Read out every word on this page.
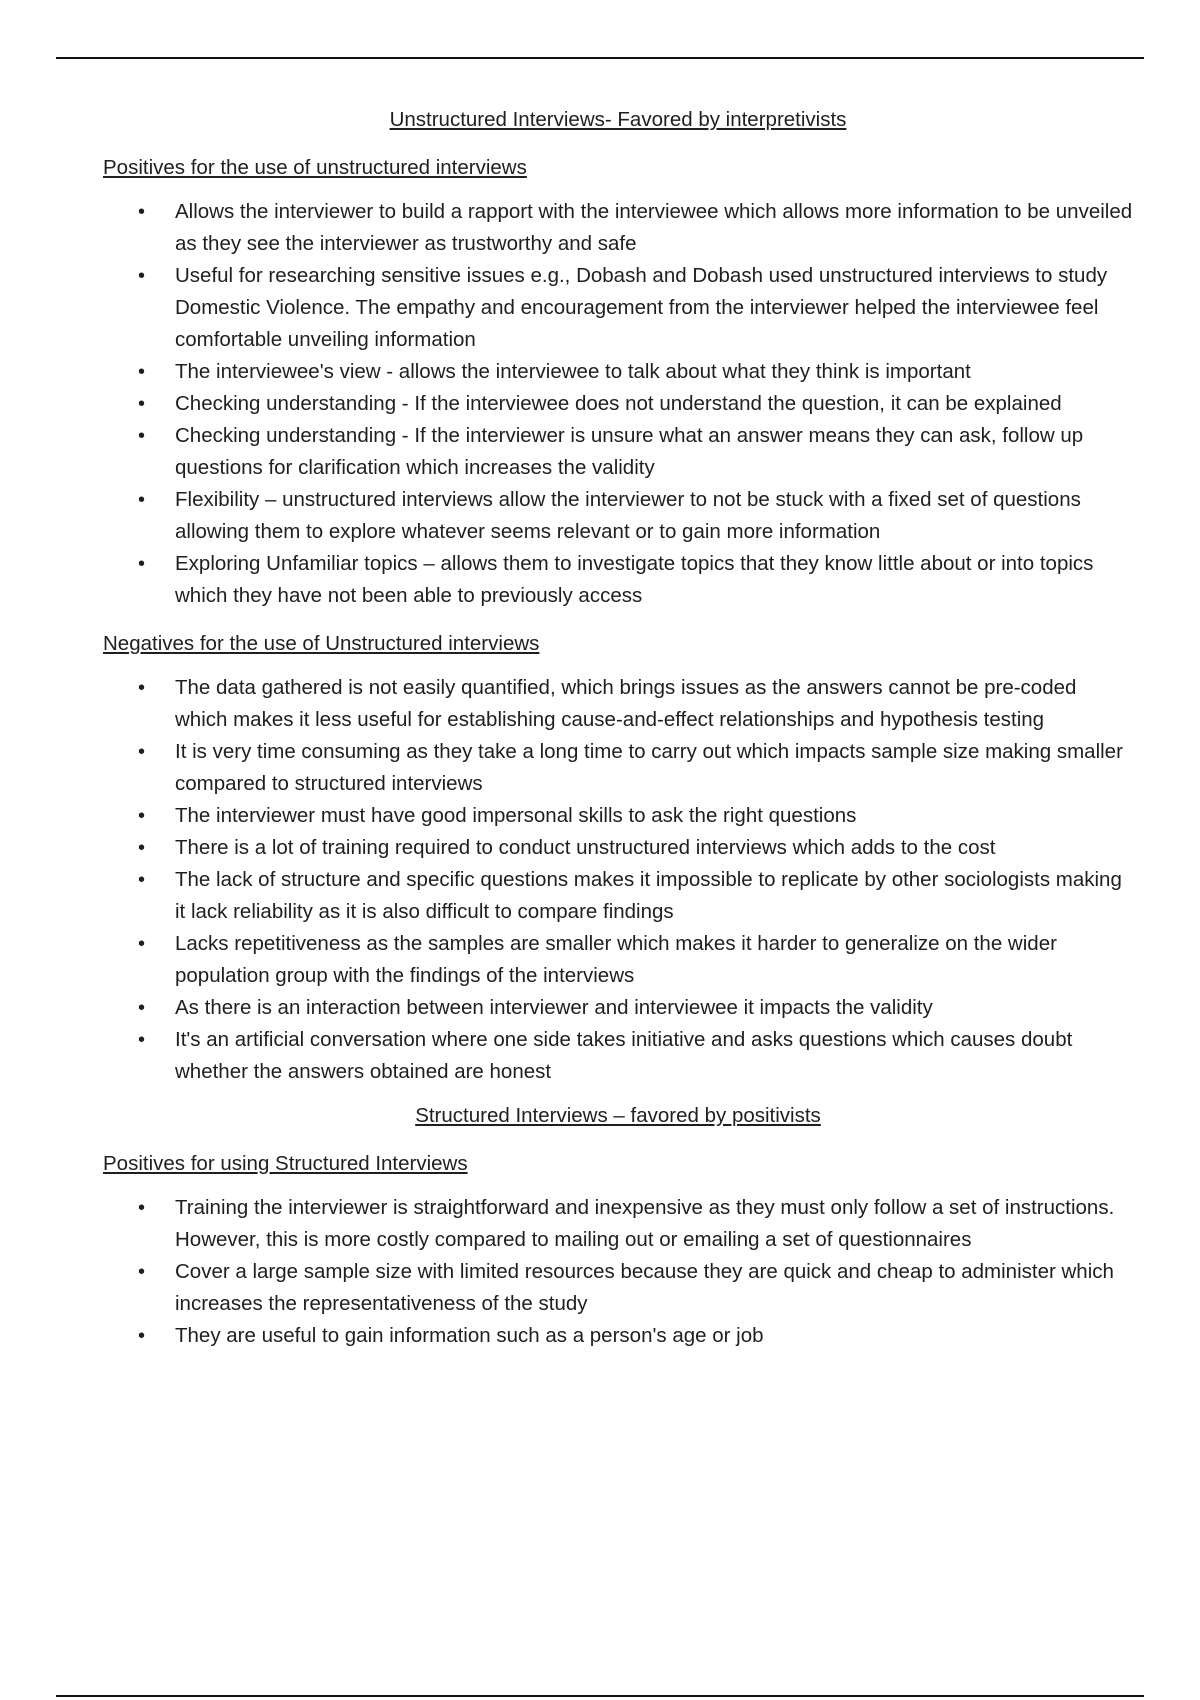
Unstructured Interviews- Favored by interpretivists
Positives for the use of unstructured interviews
• Allows the interviewer to build a rapport with the interviewee which allows more information to be unveiled as they see the interviewer as trustworthy and safe
• Useful for researching sensitive issues e.g., Dobash and Dobash used unstructured interviews to study Domestic Violence. The empathy and encouragement from the interviewer helped the interviewee feel comfortable unveiling information
• The interviewee's view - allows the interviewee to talk about what they think is important
• Checking understanding - If the interviewee does not understand the question, it can be explained
• Checking understanding - If the interviewer is unsure what an answer means they can ask, follow up questions for clarification which increases the validity
• Flexibility – unstructured interviews allow the interviewer to not be stuck with a fixed set of questions allowing them to explore whatever seems relevant or to gain more information
• Exploring Unfamiliar topics – allows them to investigate topics that they know little about or into topics which they have not been able to previously access
Negatives for the use of Unstructured interviews
• The data gathered is not easily quantified, which brings issues as the answers cannot be pre-coded which makes it less useful for establishing cause-and-effect relationships and hypothesis testing
• It is very time consuming as they take a long time to carry out which impacts sample size making smaller compared to structured interviews
• The interviewer must have good impersonal skills to ask the right questions
• There is a lot of training required to conduct unstructured interviews which adds to the cost
• The lack of structure and specific questions makes it impossible to replicate by other sociologists making it lack reliability as it is also difficult to compare findings
• Lacks repetitiveness as the samples are smaller which makes it harder to generalize on the wider population group with the findings of the interviews
• As there is an interaction between interviewer and interviewee it impacts the validity
• It's an artificial conversation where one side takes initiative and asks questions which causes doubt whether the answers obtained are honest
Structured Interviews – favored by positivists
Positives for using Structured Interviews
• Training the interviewer is straightforward and inexpensive as they must only follow a set of instructions. However, this is more costly compared to mailing out or emailing a set of questionnaires
• Cover a large sample size with limited resources because they are quick and cheap to administer which increases the representativeness of the study
• They are useful to gain information such as a person's age or job
